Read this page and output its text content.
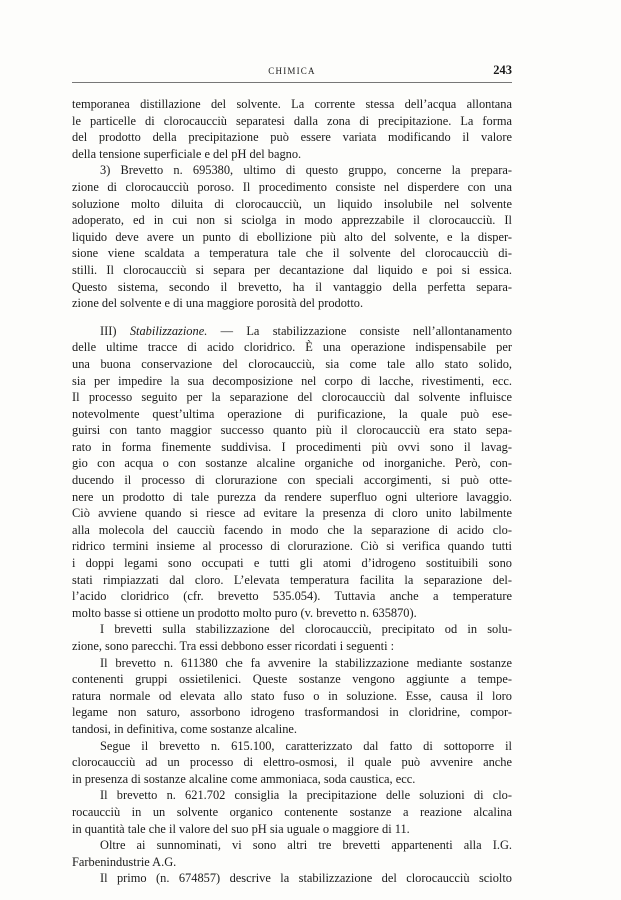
CHIMICA	243

temporanea distillazione del solvente. La corrente stessa dell’acqua allontana
le particelle di clorocaucciù separatesi dalla zona di precipitazione. La forma
del prodotto della precipitazione può essere variata modificando il valore
della tensione superficiale e del pH del bagno.

3) Brevetto n. 695380, ultimo di questo gruppo, concerne la prepara-
zione di clorocaucciù poroso. Il procedimento consiste nel disperdere con una
soluzione molto diluita di clorocaucciù, un liquido insolubile nel solvente
adoperato, ed in cui non si sciolga in modo apprezzabile il clorocaucciù. Il
liquido deve avere un punto di ebollizione più alto del solvente, e la disper-
sione viene scaldata a temperatura tale che il solvente del clorocaucciù di-
stilli. Il clorocaucciù si separa per decantazione dal liquido e poi si essica.
Questo sistema, secondo il brevetto, ha il vantaggio della perfetta separa-
zione del solvente e di una maggiore porosità del prodotto.

III) Stabilizzazione. — La stabilizzazione consiste nell’allontanamento
delle ultime tracce di acido cloridrico. È una operazione indispensabile per
una buona conservazione del clorocaucciù, sia come tale allo stato solido,
sia per impedire la sua decomposizione nel corpo di lacche, rivestimenti, ecc.
Il processo seguito per la separazione del clorocaucciù dal solvente influisce
notevolmente quest’ultima operazione di purificazione, la quale può ese-
guirsi con tanto maggior successo quanto più il clorocaucciù era stato sepa-
rato in forma finemente suddivisa. I procedimenti più ovvi sono il lavag-
gio con acqua o con sostanze alcaline organiche od inorganiche. Però, con-
ducendo il processo di clorurazione con speciali accorgimenti, si può otte-
nere un prodotto di tale purezza da rendere superfluo ogni ulteriore lavaggio.
Ciò avviene quando si riesce ad evitare la presenza di cloro unito labilmente
alla molecola del caucciù facendo in modo che la separazione di acido clo-
ridrico termini insieme al processo di clorurazione. Ciò si verifica quando tutti
i doppi legami sono occupati e tutti gli atomi d’idrogeno sostituibili sono
stati rimpiazzati dal cloro. L’elevata temperatura facilita la separazione del-
l’acido cloridrico (cfr. brevetto 535.054). Tuttavia anche a temperature
molto basse si ottiene un prodotto molto puro (v. brevetto n. 635870).

I brevetti sulla stabilizzazione del clorocaucciù, precipitato od in solu-
zione, sono parecchi. Tra essi debbono esser ricordati i seguenti :

Il brevetto n. 611380 che fa avvenire la stabilizzazione mediante sostanze
contenenti gruppi ossietilenici. Queste sostanze vengono aggiunte a tempe-
ratura normale od elevata allo stato fuso o in soluzione. Esse, causa il loro
legame non saturo, assorbono idrogeno trasformandosi in cloridrine, compor-
tandosi, in definitiva, come sostanze alcaline.

Segue il brevetto n. 615.100, caratterizzato dal fatto di sottoporre il
clorocaucciù ad un processo di elettro-osmosi, il quale può avvenire anche
in presenza di sostanze alcaline come ammoniaca, soda caustica, ecc.

Il brevetto n. 621.702 consiglia la precipitazione delle soluzioni di clo-
rocaucciù in un solvente organico contenente sostanze a reazione alcalina
in quantità tale che il valore del suo pH sia uguale o maggiore di 11.

Oltre ai sunnominati, vi sono altri tre brevetti appartenenti alla I.G.
Farbenindustrie A.G.

Il primo (n. 674857) descrive la stabilizzazione del clorocaucciù sciolto
